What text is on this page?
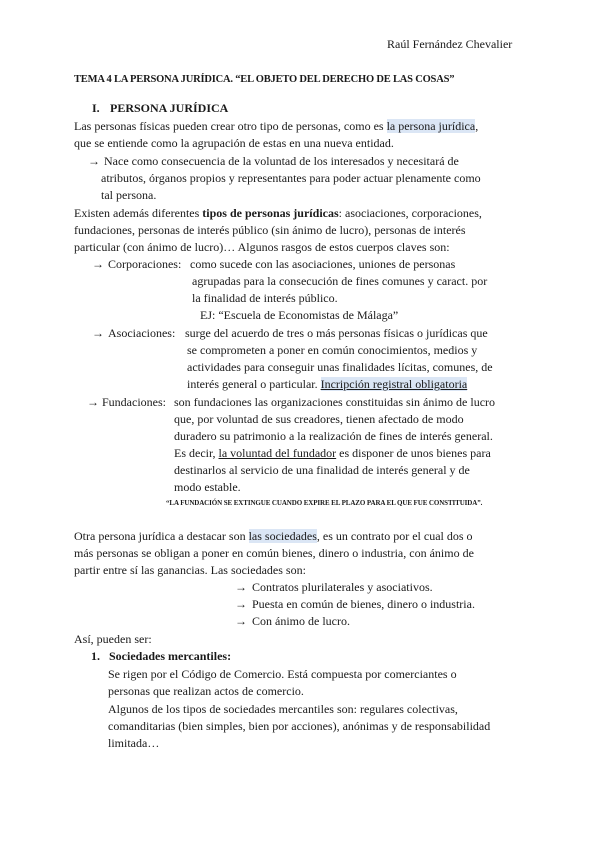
Raúl Fernández Chevalier
TEMA 4 LA PERSONA JURÍDICA. “EL OBJETO DEL DERECHO DE LAS COSAS”
I. PERSONA JURÍDICA
Las personas físicas pueden crear otro tipo de personas, como es la persona jurídica,
que se entiende como la agrupación de estas en una nueva entidad.
→ Nace como consecuencia de la voluntad de los interesados y necesitará de
atributos, órganos propios y representantes para poder actuar plenamente como
tal persona.
Existen además diferentes tipos de personas jurídicas: asociaciones, corporaciones,
fundaciones, personas de interés público (sin ánimo de lucro), personas de interés
particular (con ánimo de lucro)… Algunos rasgos de estos cuerpos claves son:
→ Corporaciones: como sucede con las asociaciones, uniones de personas
agrupadas para la consecución de fines comunes y caract. por
la finalidad de interés público.
EJ: “Escuela de Economistas de Málaga”
→ Asociaciones: surge del acuerdo de tres o más personas físicas o jurídicas que
se comprometen a poner en común conocimientos, medios y
actividades para conseguir unas finalidades lícitas, comunes, de
interés general o particular. Incripción registral obligatoria
→ Fundaciones: son fundaciones las organizaciones constituidas sin ánimo de lucro
que, por voluntad de sus creadores, tienen afectado de modo
duradero su patrimonio a la realización de fines de interés general.
Es decir, la voluntad del fundador es disponer de unos bienes para
destinarlos al servicio de una finalidad de interés general y de
modo estable.
“LA FUNDACIÓN SE EXTINGUE CUANDO EXPIRE EL PLAZO PARA EL QUE FUE CONSTITUIDA”.
Otra persona jurídica a destacar son las sociedades, es un contrato por el cual dos o
más personas se obligan a poner en común bienes, dinero o industria, con ánimo de
partir entre sí las ganancias. Las sociedades son:
→ Contratos plurilaterales y asociativos.
→ Puesta en común de bienes, dinero o industria.
→ Con ánimo de lucro.
Así, pueden ser:
1. Sociedades mercantiles:
Se rigen por el Código de Comercio. Está compuesta por comerciantes o
personas que realizan actos de comercio.
Algunos de los tipos de sociedades mercantiles son: regulares colectivas,
comanditarias (bien simples, bien por acciones), anónimas y de responsabilidad
limitada…
